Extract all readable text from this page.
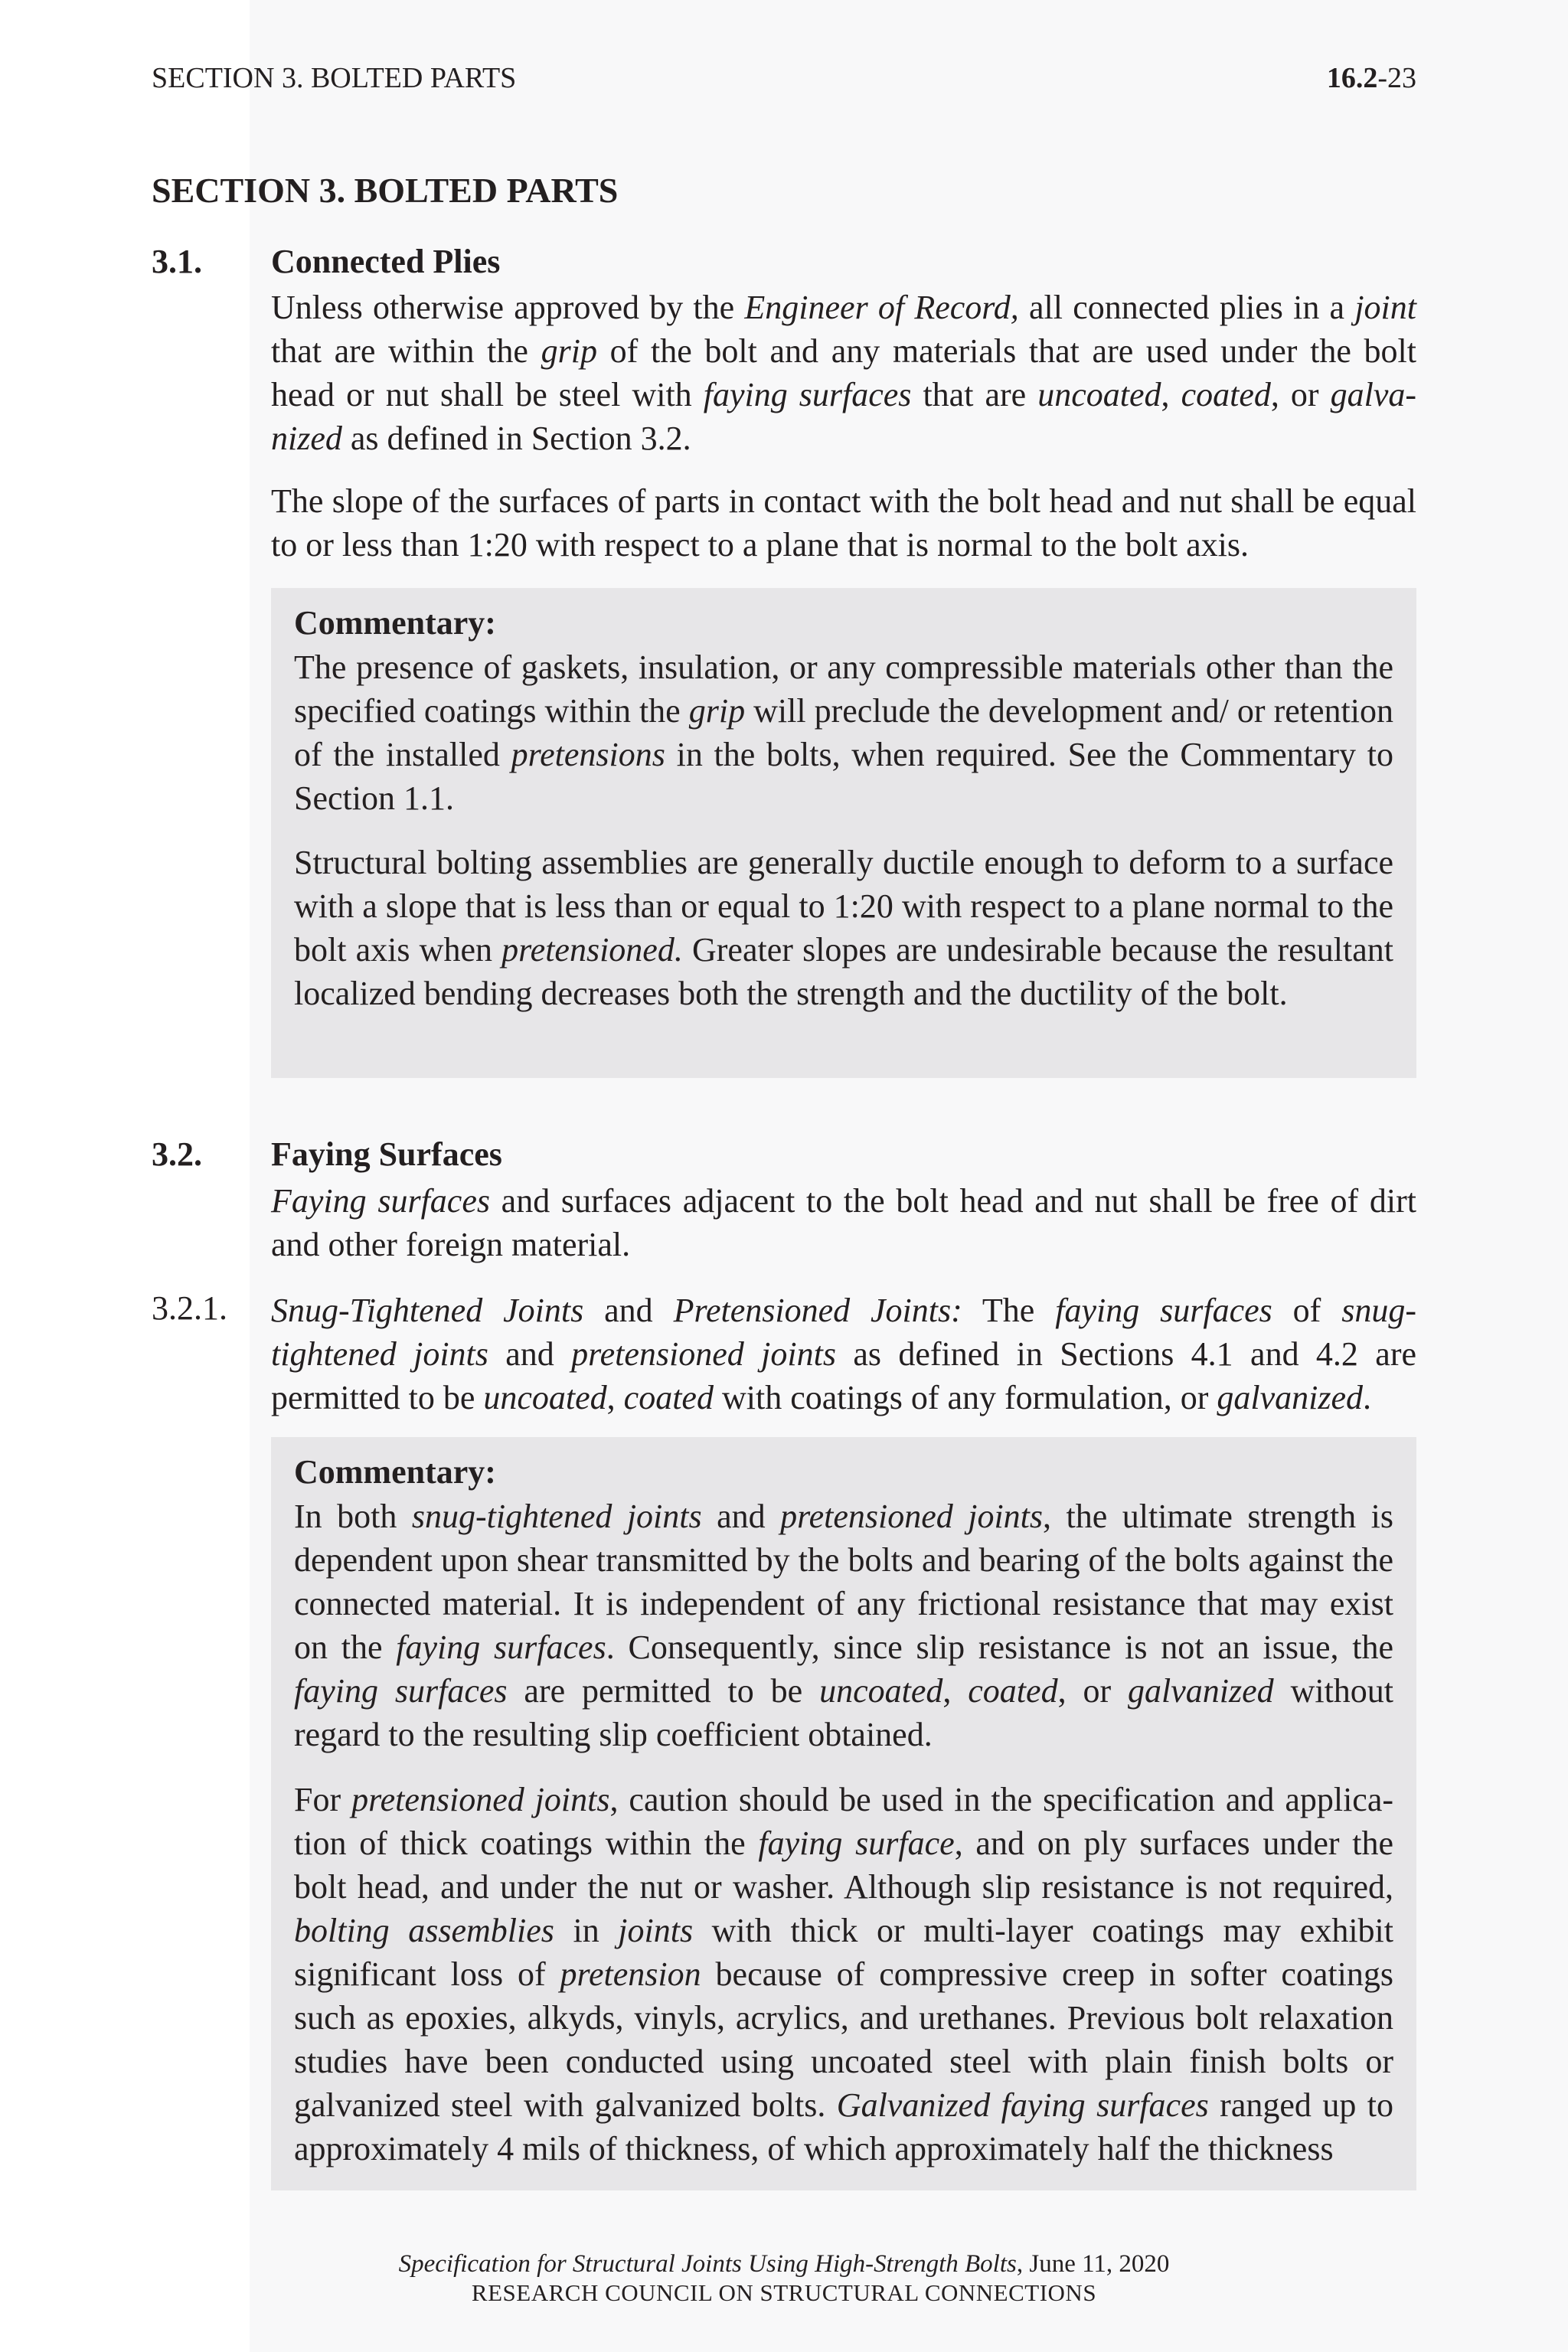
SECTION 3. BOLTED PARTS	16.2-23
SECTION 3. BOLTED PARTS
3.1. Connected Plies
Unless otherwise approved by the Engineer of Record, all connected plies in a joint that are within the grip of the bolt and any materials that are used under the bolt head or nut shall be steel with faying surfaces that are uncoated, coated, or galva-nized as defined in Section 3.2.
The slope of the surfaces of parts in contact with the bolt head and nut shall be equal to or less than 1:20 with respect to a plane that is normal to the bolt axis.
Commentary:
The presence of gaskets, insulation, or any compressible materials other than the specified coatings within the grip will preclude the development and/ or retention of the installed pretensions in the bolts, when required. See the Commentary to Section 1.1.
Structural bolting assemblies are generally ductile enough to deform to a surface with a slope that is less than or equal to 1:20 with respect to a plane normal to the bolt axis when pretensioned. Greater slopes are undesirable because the resultant localized bending decreases both the strength and the ductility of the bolt.
3.2. Faying Surfaces
Faying surfaces and surfaces adjacent to the bolt head and nut shall be free of dirt and other foreign material.
3.2.1. Snug-Tightened Joints and Pretensioned Joints: The faying surfaces of snug-tightened joints and pretensioned joints as defined in Sections 4.1 and 4.2 are permitted to be uncoated, coated with coatings of any formulation, or galvanized.
Commentary:
In both snug-tightened joints and pretensioned joints, the ultimate strength is dependent upon shear transmitted by the bolts and bearing of the bolts against the connected material. It is independent of any frictional resistance that may exist on the faying surfaces. Consequently, since slip resistance is not an issue, the faying surfaces are permitted to be uncoated, coated, or galvanized without regard to the resulting slip coefficient obtained.
For pretensioned joints, caution should be used in the specification and applica-tion of thick coatings within the faying surface, and on ply surfaces under the bolt head, and under the nut or washer. Although slip resistance is not required, bolting assemblies in joints with thick or multi-layer coatings may exhibit significant loss of pretension because of compressive creep in softer coatings such as epoxies, alkyds, vinyls, acrylics, and urethanes. Previous bolt relaxation studies have been conducted using uncoated steel with plain finish bolts or galvanized steel with galvanized bolts. Galvanized faying surfaces ranged up to approximately 4 mils of thickness, of which approximately half the thickness
Specification for Structural Joints Using High-Strength Bolts, June 11, 2020
RESEARCH COUNCIL ON STRUCTURAL CONNECTIONS
